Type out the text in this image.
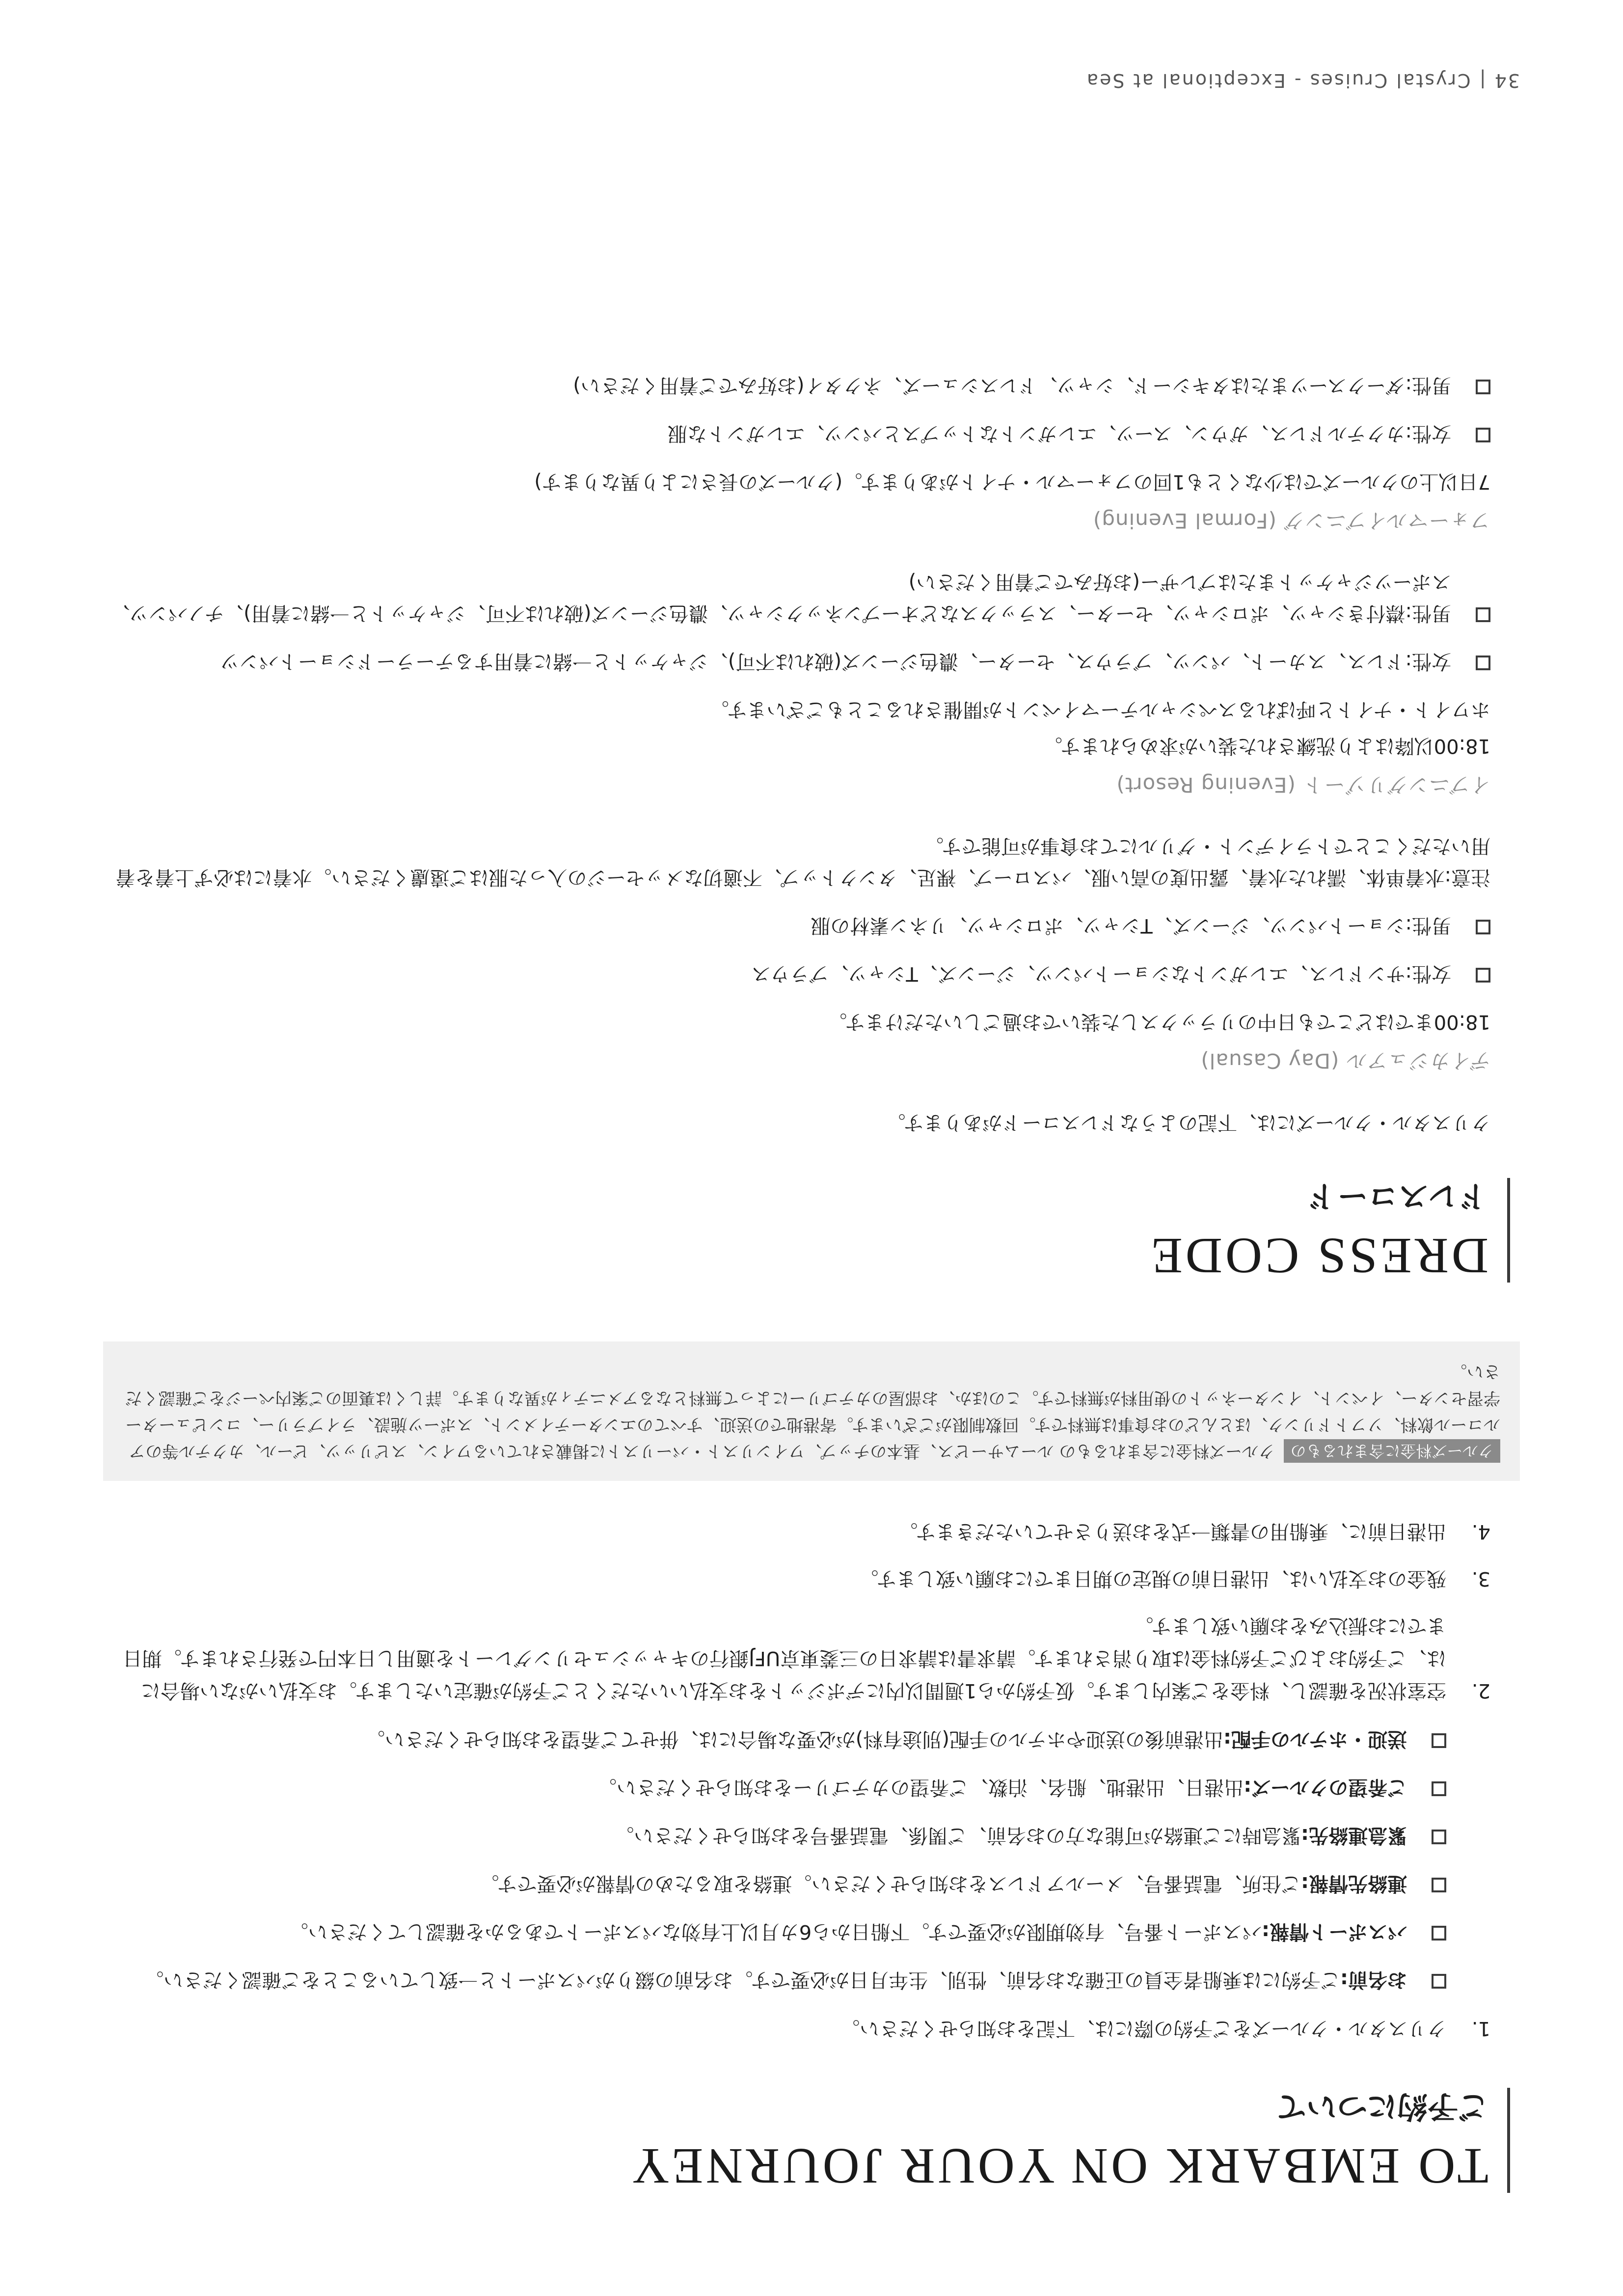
TO EMBARK ON YOUR JOURNEY
ご予約について
1.
クリスタル・クルーズをご予約の際には、下記をお知らせください。
お名前:ご予約には乗船者全員の正確なお名前、性別、生年月日が必要です。お名前の綴りがパスポートと一致していることをご確認ください。
パスポート情報:パスポート番号、有効期限が必要です。下船日から6カ月以上有効なパスポートであるかを確認してください。
連絡先情報:ご住所、電話番号、メールアドレスをお知らせください。連絡を取るための情報が必要です。
緊急連絡先:緊急時にご連絡が可能な方のお名前、ご関係、電話番号をお知らせください。
ご希望のクルーズ:出港日、出港地、船名、泊数、ご希望のカテゴリーをお知らせください。
送迎・ホテルの手配:出港前後の送迎やホテルの手配(別途有料)が必要な場合には、併せてご希望をお知らせください。
2.
空室状況を確認し、料金をご案内します。仮予約から1週間以内にデポジットをお支払いいただくとご予約が確定いたします。お支払いがない場合には、ご予約およびご予約料金は取り消されます。請求書は請求日の三菱東京UFJ銀行のキャッシュセリングレートを適用し日本円で発行されます。期日までにお振込みをお願い致します。
3.
残金のお支払いは、出港日前の規定の期日までにお願い致します。
4.
出港日前に、乗船用の書類一式をお送りさせていただきます。
クルーズ料金に含まれるものクルーズ料金に含まれるもの ルームサービス、基本のチップ、ワインリスト・バーリストに掲載されているワイン、スピリッツ、ビール、カクテル等のアルコール飲料、ソフトドリンク、ほとんどのお食事は無料です。回数制限がございます。寄港地での送迎、すべてのエンターテイメント、スポーツ施設、ライブラリー、コンピューター学習センター、イベント、インターネットの使用料が無料です。このほか、お部屋のカテゴリーによって無料となるアメニティが異なります。詳しくは裏面のご案内ページをご確認ください。
DRESS CODE
ドレスコード
クリスタル・クルーズには、下記のようなドレスコードがあります。
デイカジュアル (Day Casual)
18:00まではどこでも日中のリラックスした装いでお過ごしいただけます。
女性:サンドレス、エレガントなショートパンツ、ジーンズ、Tシャツ、ブラウス
男性:ショートパンツ、ジーンズ、Tシャツ、ポロシャツ、リネン素材の服
注意:水着単体、濡れた水着、露出度の高い服、バスローブ、裸足、タンクトップ、不適切なメッセージの入った服はご遠慮ください。水着には必ず上着を着用いただくことでトライデント・グリルにてお食事が可能です。
イブニングリゾート (Evening Resort)
18:00以降はより洗練された装いが求められます。
ホワイト・ナイトと呼ばれるスペシャルテーマイベントが開催されることもございます。
女性:ドレス、スカート、パンツ、ブラウス、セーター、濃色ジーンズ(破れは不可)、ジャケットと一緒に着用するテーラードショートパンツ
男性:襟付きシャツ、ポロシャツ、セーター、スラックスなどオープンネックシャツ、濃色ジーンズ(破れは不可、ジャケットと一緒に着用)、チノパンツ、スポーツジャケットまたはブレザー(お好みでご着用ください)
フォーマルイブニング (Formal Evening)
7日以上のクルーズでは少なくとも1回のフォーマル・ナイトがあります。(クルーズの長さにより異なります)
女性:カクテルドレス、ガウン、スーツ、エレガントなトップスとパンツ、エレガントな服
男性:ダークスーツまたはタキシード、シャツ、ドレスシューズ、ネクタイ(お好みでご着用ください)
34 | Crystal Cruises - Exceptional at Sea
